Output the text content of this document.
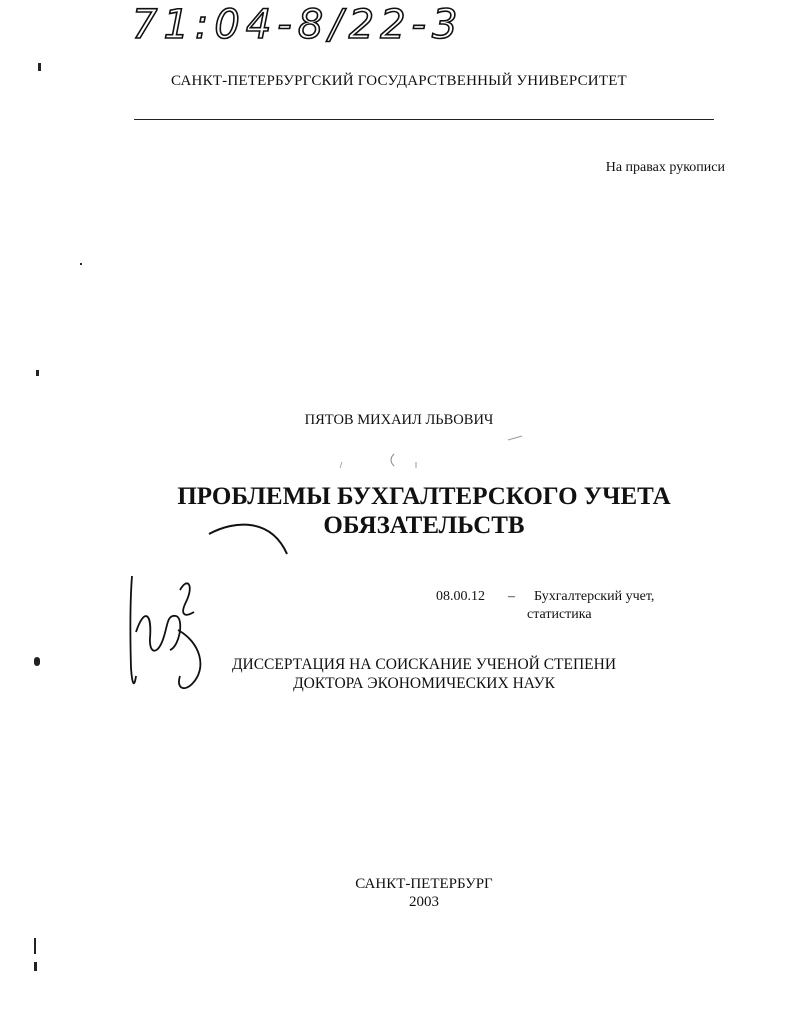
71:04-8/22-3
САНКТ-ПЕТЕРБУРГСКИЙ ГОСУДАРСТВЕННЫЙ УНИВЕРСИТЕТ
На правах рукописи
ПЯТОВ МИХАИЛ ЛЬВОВИЧ
ПРОБЛЕМЫ БУХГАЛТЕРСКОГО УЧЕТА
ОБЯЗАТЕЛЬСТВ
08.00.12 – Бухгалтерский учет,
статистика
ДИССЕРТАЦИЯ НА СОИСКАНИЕ УЧЕНОЙ СТЕПЕНИ
ДОКТОРА ЭКОНОМИЧЕСКИХ НАУК
САНКТ-ПЕТЕРБУРГ
2003
